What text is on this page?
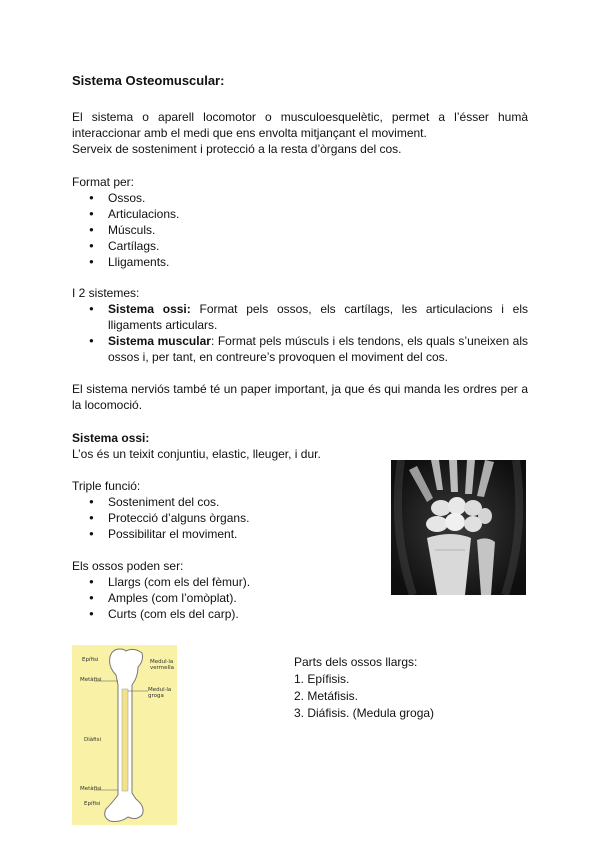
Sistema Osteomuscular:
El sistema o aparell locomotor o musculoesquelètic, permet a l’ésser humà interaccionar amb el medi que ens envolta mitjançant el moviment.
Serveix de sosteniment i protecció a la resta d’òrgans del cos.
Format per:
● Ossos.
● Articulacions.
● Músculs.
● Cartílags.
● Lligaments.
I 2 sistemes:
● Sistema ossi: Format pels ossos, els cartílags, les articulacions i els lligaments articulars.
● Sistema muscular: Format pels músculs i els tendons, els quals s’uneixen als ossos i, per tant, en contreure’s provoquen el moviment del cos.
El sistema nerviós també té un paper important, ja que és qui manda les ordres per a la locomoció.
Sistema ossi:
L’os és un teixit conjuntiu, elastic, lleuger, i dur.
Triple funció:
● Sosteniment del cos.
● Protecció d’alguns òrgans.
● Possibilitar el moviment.
Els ossos poden ser:
● Llargs (com els del fèmur).
● Amples (com l’omòplat).
● Curts (com els del carp).
Epífisi
Metàfisi
Medul·la vermella
Medul·la groga
Diàfisi
Metàfisi
Epífisi
Parts dels ossos llargs:
1. Epífisis.
2. Metáfisis.
3. Diáfisis. (Medula groga)
